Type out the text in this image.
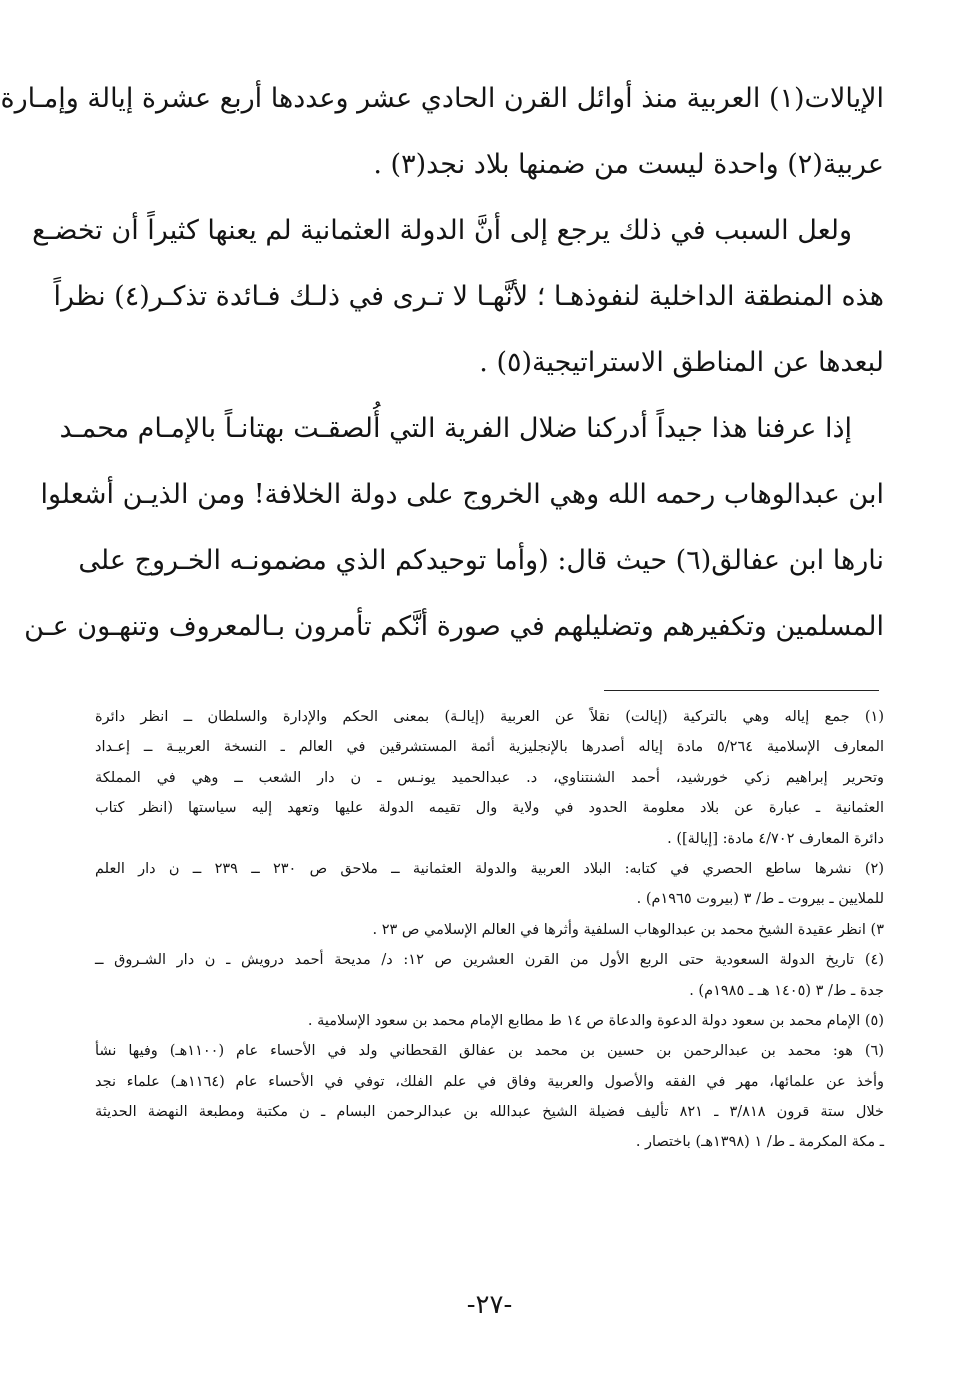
الإيالات(١) العربية منذ أوائل القرن الحادي عشر وعددها أربع عشرة إيالة وإمـارة
عربية(٢) واحدة ليست من ضمنها بلاد نجد(٣) .
ولعل السبب في ذلك يرجع إلى أنَّ الدولة العثمانية لم يعنها كثيراً أن تخضـع
هذه المنطقة الداخلية لنفوذهـا ؛ لأنَّهـا لا تـرى في ذلـك فـائدة تذكـر(٤) نظراً
لبعدها عن المناطق الاستراتيجية(٥) .
إذا عرفنا هذا جيداً أدركنا ضلال الفرية التي أُلصقـت بهتانـاً بالإمـام محمـد
ابن عبدالوهاب رحمه الله وهي الخروج على دولة الخلافة! ومن الذيـن أشعلوا
نارها ابن عفالق(٦) حيث قال: (وأما توحيدكم الذي مضمونـه الخـروج على
المسلمين وتكفيرهم وتضليلهم في صورة أنَّكم تأمرون بـالمعروف وتنهـون عـن
(١) جمع إياله وهي بالتركية (إيالت) نقلاً عن العربية (إيالـة) بمعنى الحكم والإدارة والسلطان ــ انظر دائرة
المعارف الإسلامية ٥/٢٦٤ مادة إياله أصدرها بالإنجليزية أئمة المستشرقين في العالم ـ النسخة العربيـة ــ إعـداد
وتحرير إبراهيم زكي خورشيد، أحمد الشنتناوي، د. عبدالحميد يونـس ـ ن دار الشعب ــ وهي في المملكة
العثمانية ـ عبارة عن بلاد معلومة الحدود في ولاية وال تقيمه الدولة عليها وتعهد إليه سياستها (انظر كتاب
دائرة المعارف ٤/٧٠٢ مادة: [إيالة]) .
(٢) نشرها ساطع الحصري في كتابه: البلاد العربية والدولة العثمانية ــ ملاحق ص ٢٣٠ ــ ٢٣٩ ــ ن دار العلم
للملايين ـ بيروت ـ ط/ ٣ (بيروت ١٩٦٥م) .
٣) انظر عقيدة الشيخ محمد بن عبدالوهاب السلفية وأثرها في العالم الإسلامي ص ٢٣ .
(٤) تاريخ الدولة السعودية حتى الربع الأول من القرن العشرين ص ١٢: د/ مديحة أحمد درويش ـ ن دار الشـروق ــ
جدة ـ ط/ ٣ (١٤٠٥ هـ ـ ١٩٨٥م) .
(٥) الإمام محمد بن سعود دولة الدعوة والدعاة ص ١٤ ط مطابع الإمام محمد بن سعود الإسلامية .
(٦) هو: محمد بن عبدالرحمن بن حسين بن محمد بن عفالق القحطاني ولد في الأحساء عام (١١٠٠هـ) وفيها نشأ
وأخذ عن علمائها، مهر في الفقه والأصول والعربية وفاق في علم الفلك، توفي في الأحساء عام (١١٦٤هـ) علماء نجد
خلال ستة قرون ٣/٨١٨ ـ ٨٢١ تأليف فضيلة الشيخ عبدالله بن عبدالرحمن البسام ـ ن مكتبة ومطبعة النهضة الحديثة
ـ مكة المكرمة ـ ط/ ١ (١٣٩٨هـ) باختصار .
-٢٧-
